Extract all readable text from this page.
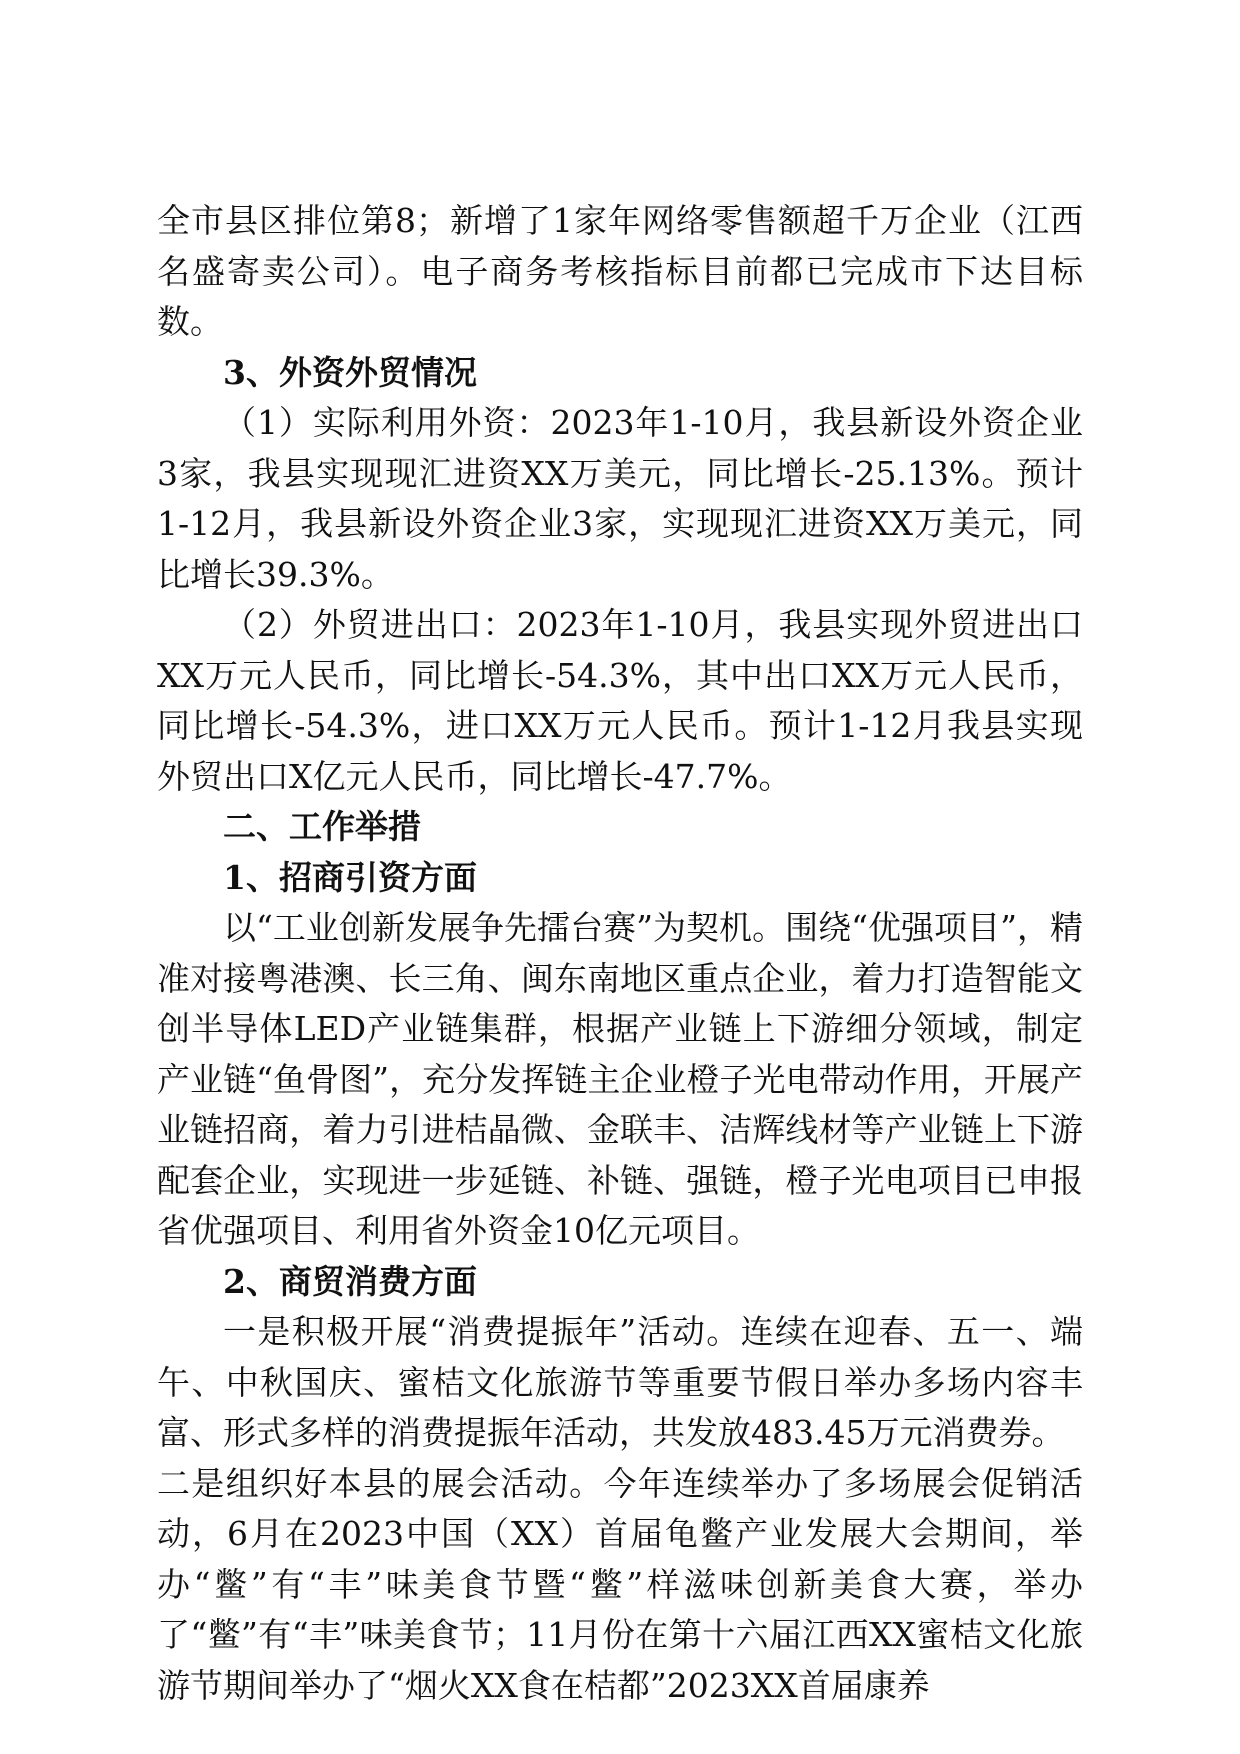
全市县区排位第8；新增了1家年网络零售额超千万企业（江西名盛寄卖公司）。电子商务考核指标目前都已完成市下达目标数。

3、外资外贸情况

（1）实际利用外资：2023年1-10月，我县新设外资企业3家，我县实现现汇进资XX万美元，同比增长-25.13%。预计1-12月，我县新设外资企业3家，实现现汇进资XX万美元，同比增长39.3%。

（2）外贸进出口：2023年1-10月，我县实现外贸进出口XX万元人民币，同比增长-54.3%，其中出口XX万元人民币，同比增长-54.3%，进口XX万元人民币。预计1-12月我县实现外贸出口X亿元人民币，同比增长-47.7%。

二、工作举措

1、招商引资方面

以“工业创新发展争先擂台赛”为契机。围绕“优强项目”，精准对接粤港澳、长三角、闽东南地区重点企业，着力打造智能文创半导体LED产业链集群，根据产业链上下游细分领域，制定产业链“鱼骨图”，充分发挥链主企业橙子光电带动作用，开展产业链招商，着力引进桔晶微、金联丰、洁辉线材等产业链上下游配套企业，实现进一步延链、补链、强链，橙子光电项目已申报省优强项目、利用省外资金10亿元项目。

2、商贸消费方面

一是积极开展“消费提振年”活动。连续在迎春、五一、端午、中秋国庆、蜜桔文化旅游节等重要节假日举办多场内容丰富、形式多样的消费提振年活动，共发放483.45万元消费券。

二是组织好本县的展会活动。今年连续举办了多场展会促销活动，6月在2023中国（XX）首届龟鳖产业发展大会期间，举办“鳖”有“丰”味美食节暨“鳖”样滋味创新美食大赛，举办了“鳖”有“丰”味美食节；11月份在第十六届江西XX蜜桔文化旅游节期间举办了“烟火XX食在桔都”2023XX首届康养
